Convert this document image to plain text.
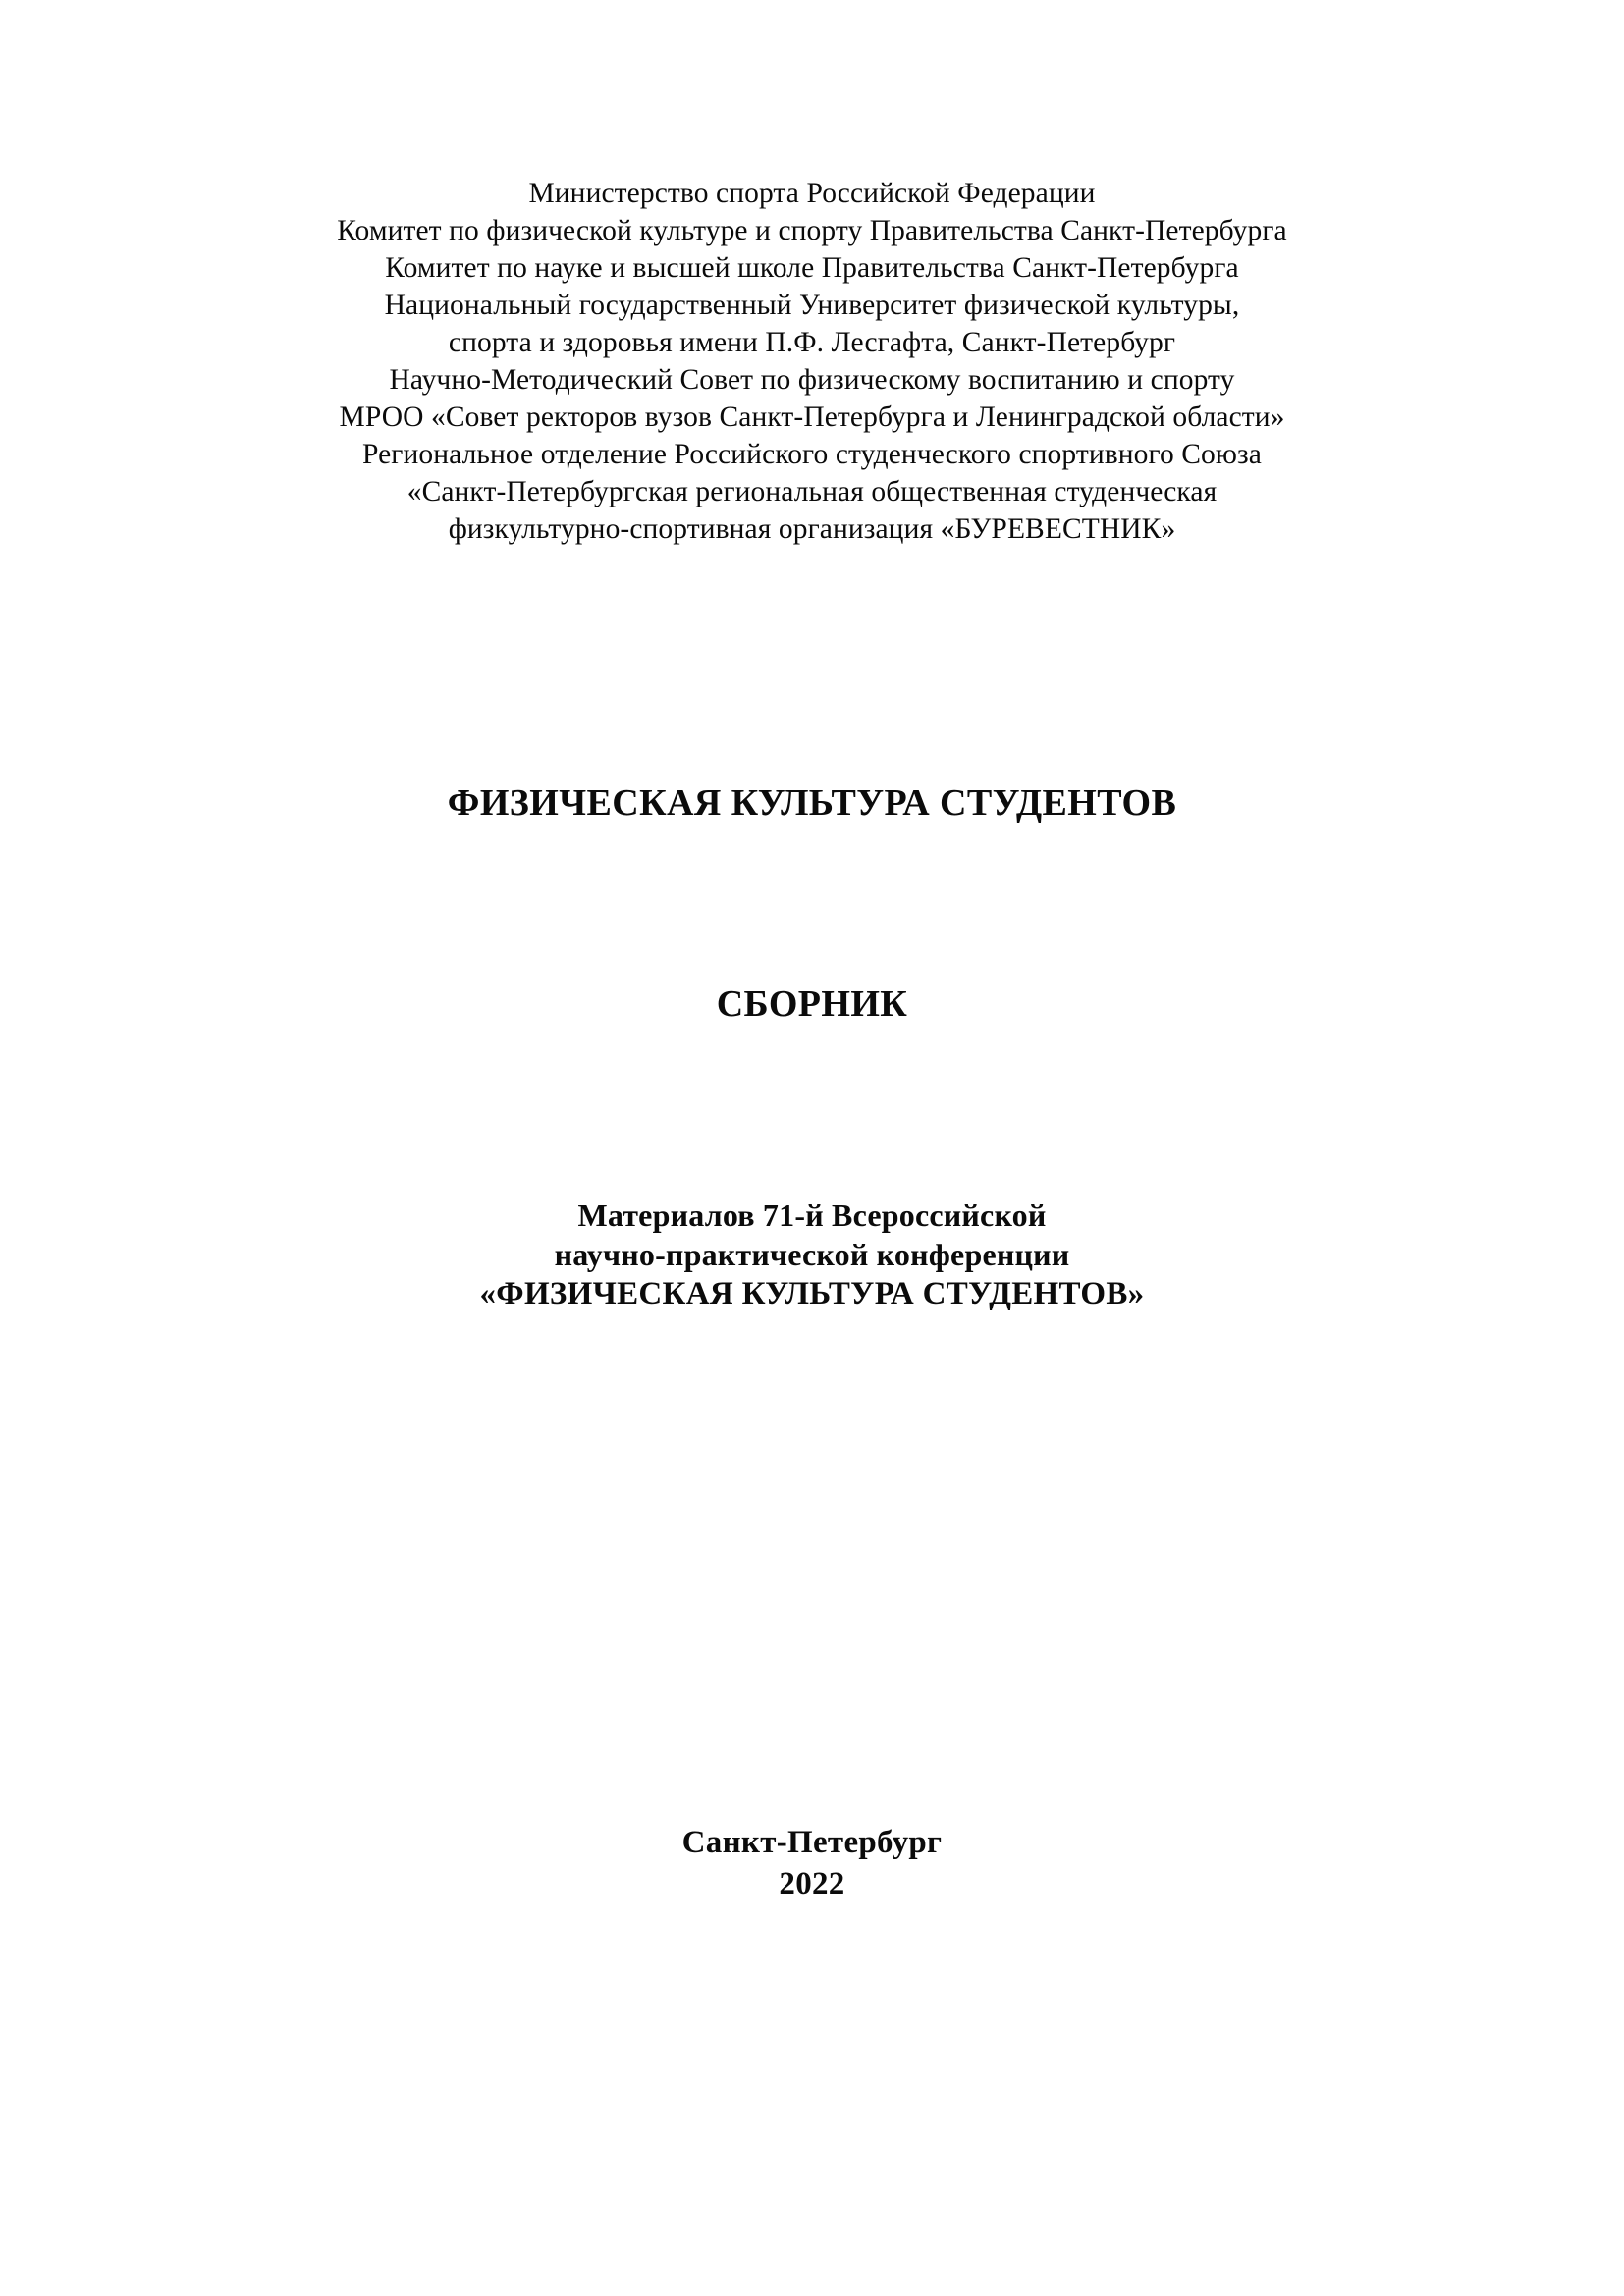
Министерство спорта Российской Федерации
Комитет по физической культуре и спорту Правительства Санкт-Петербурга
Комитет по науке и высшей школе Правительства Санкт-Петербурга
Национальный государственный Университет физической культуры,
спорта и здоровья имени П.Ф. Лесгафта, Санкт-Петербург
Научно-Методический Совет по физическому воспитанию и спорту
МРОО «Совет ректоров вузов Санкт-Петербурга и Ленинградской области»
Региональное отделение Российского студенческого спортивного Союза
«Санкт-Петербургская региональная общественная студенческая
физкультурно-спортивная организация «БУРЕВЕСТНИК»
ФИЗИЧЕСКАЯ КУЛЬТУРА СТУДЕНТОВ
СБОРНИК
Материалов 71-й Всероссийской
научно-практической конференции
«ФИЗИЧЕСКАЯ КУЛЬТУРА СТУДЕНТОВ»
Санкт-Петербург
2022
